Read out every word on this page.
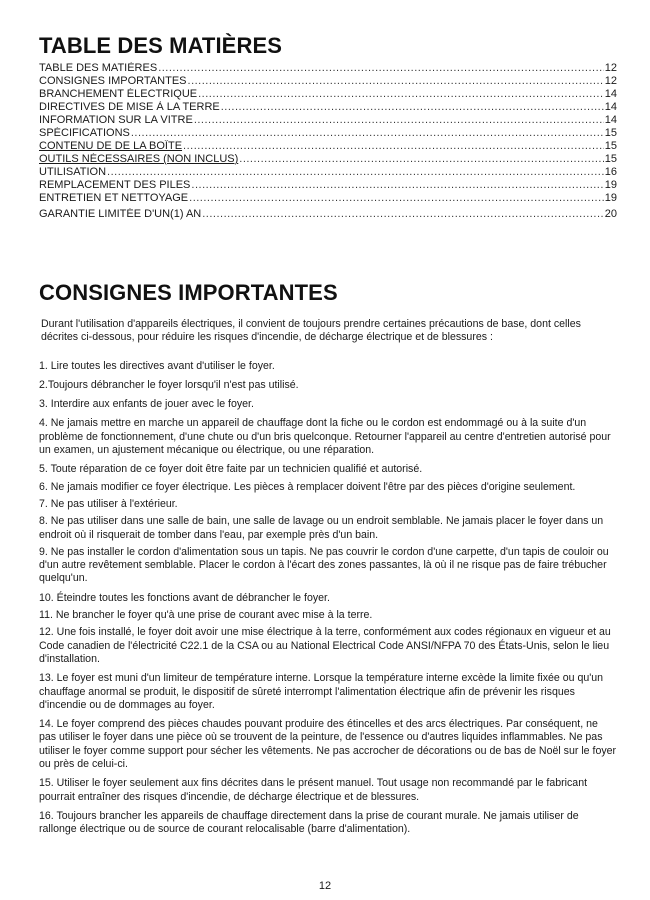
TABLE DES MATIÈRES
TABLE DES MATIÈRES .....	12
CONSIGNES IMPORTANTES .....	12
BRANCHEMENT ÉLECTRIQUE .....	14
DIRECTIVES DE MISE À LA TERRE .....	14
INFORMATION SUR LA VITRE .....	14
SPÉCIFICATIONS .....	15
CONTENU DE DE LA BOÎTE .....	15
OUTILS NÉCESSAIRES (NON INCLUS) .....	15
UTILISATION .....	16
REMPLACEMENT DES PILES .....	19
ENTRETIEN ET NETTOYAGE .....	19
GARANTIE LIMITÉE D'UN(1) AN .....	20
CONSIGNES IMPORTANTES

Durant l'utilisation d'appareils électriques, il convient de toujours prendre certaines précautions de base, dont celles décrites ci-dessous, pour réduire les risques d'incendie, de décharge électrique et de blessures :

1. Lire toutes les directives avant d'utiliser le foyer.

2.Toujours débrancher le foyer lorsqu'il n'est pas utilisé.

3. Interdire aux enfants de jouer avec le foyer.

4. Ne jamais mettre en marche un appareil de chauffage dont la fiche ou le cordon est endommagé ou à la suite d'un problème de fonctionnement, d'une chute ou d'un bris quelconque. Retourner l'appareil au centre d'entretien autorisé pour un examen, un ajustement mécanique ou électrique, ou une réparation.

5. Toute réparation de ce foyer doit être faite par un technicien qualifié et autorisé.

6. Ne jamais modifier ce foyer électrique. Les pièces à remplacer doivent l'être par des pièces d'origine seulement.

7. Ne pas utiliser à l'extérieur.

8. Ne pas utiliser dans une salle de bain, une salle de lavage ou un endroit semblable. Ne jamais placer le foyer dans un endroit où il risquerait de tomber dans l'eau, par exemple près d'un bain.

9. Ne pas installer le cordon d'alimentation sous un tapis. Ne pas couvrir le cordon d'une carpette, d'un tapis de couloir ou d'un autre revêtement semblable. Placer le cordon à l'écart des zones passantes, là où il ne risque pas de faire trébucher quelqu'un.

10. Éteindre toutes les fonctions avant de débrancher le foyer.

11. Ne brancher le foyer qu'à une prise de courant avec mise à la terre.

12. Une fois installé, le foyer doit avoir une mise électrique à la terre, conformément aux codes régionaux en vigueur et au Code canadien de l'électricité C22.1 de la CSA ou au National Electrical Code ANSI/NFPA 70 des États-Unis, selon le lieu d'installation.

13. Le foyer est muni d'un limiteur de température interne. Lorsque la température interne excède la limite fixée ou qu'un chauffage anormal se produit, le dispositif de sûreté interrompt l'alimentation électrique afin de prévenir les risques d'incendie ou de dommages au foyer.

14. Le foyer comprend des pièces chaudes pouvant produire des étincelles et des arcs électriques. Par conséquent, ne pas utiliser le foyer dans une pièce où se trouvent de la peinture, de l'essence ou d'autres liquides inflammables. Ne pas utiliser le foyer comme support pour sécher les vêtements. Ne pas accrocher de décorations ou de bas de Noël sur le foyer ou près de celui-ci.

15. Utiliser le foyer seulement aux fins décrites dans le présent manuel. Tout usage non recommandé par le fabricant pourrait entraîner des risques d'incendie, de décharge électrique et de blessures.

16. Toujours brancher les appareils de chauffage directement dans la prise de courant murale. Ne jamais utiliser de rallonge électrique ou de source de courant relocalisable (barre d'alimentation).

12
